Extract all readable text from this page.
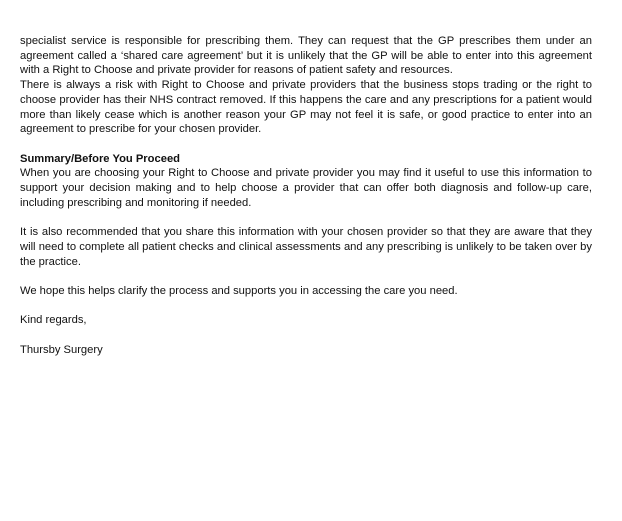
specialist service is responsible for prescribing them. They can request that the GP prescribes them under an agreement called a ‘shared care agreement’ but it is unlikely that the GP will be able to enter into this agreement with a Right to Choose and private provider for reasons of patient safety and resources.

There is always a risk with Right to Choose and private providers that the business stops trading or the right to choose provider has their NHS contract removed. If this happens the care and any prescriptions for a patient would more than likely cease which is another reason your GP may not feel it is safe, or good practice to enter into an agreement to prescribe for your chosen provider.

Summary/Before You Proceed

When you are choosing your Right to Choose and private provider you may find it useful to use this information to support your decision making and to help choose a provider that can offer both diagnosis and follow-up care, including prescribing and monitoring if needed.

It is also recommended that you share this information with your chosen provider so that they are aware that they will need to complete all patient checks and clinical assessments and any prescribing is unlikely to be taken over by the practice.

We hope this helps clarify the process and supports you in accessing the care you need.

Kind regards,

Thursby Surgery
